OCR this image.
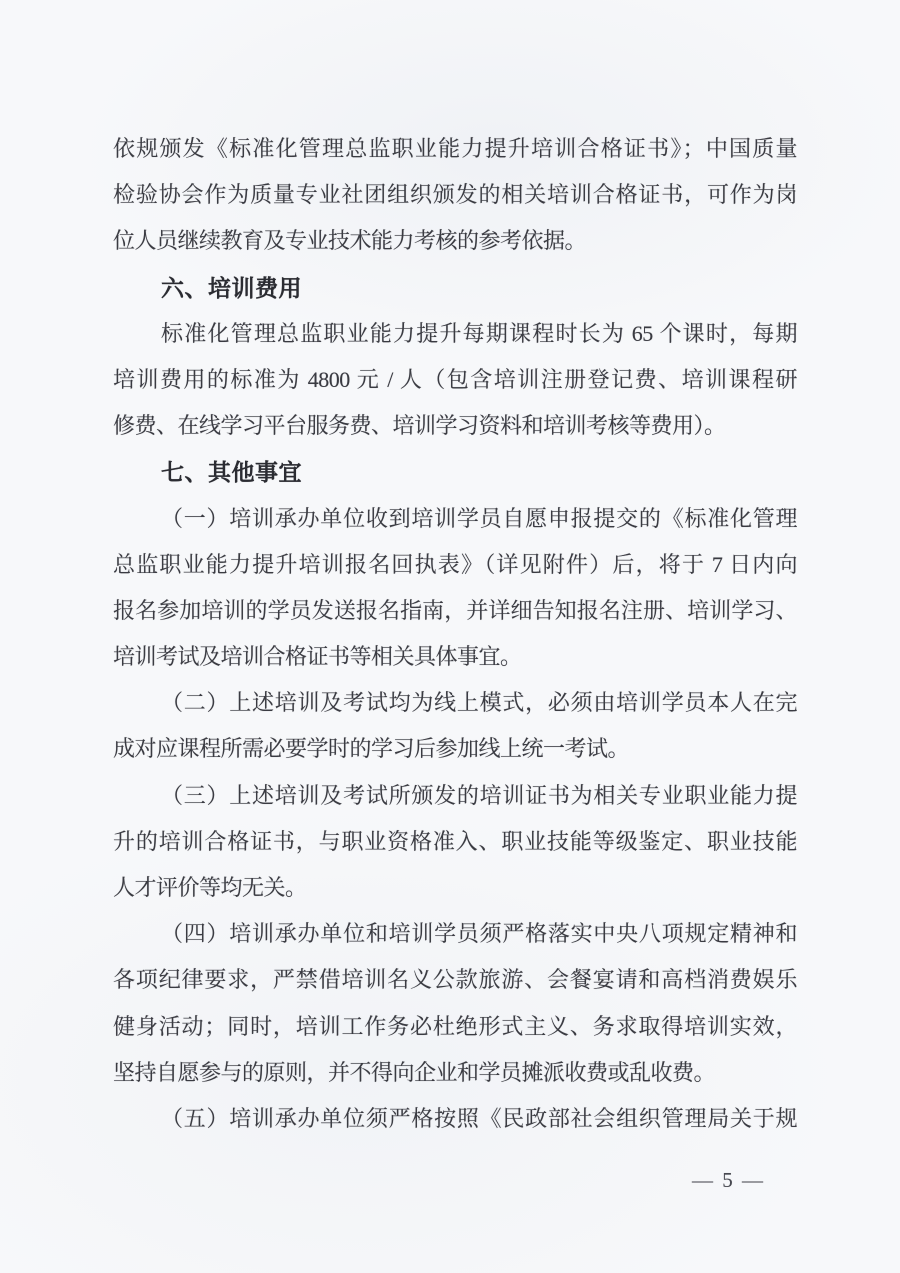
依规颁发《标准化管理总监职业能力提升培训合格证书》；中国质量
检验协会作为质量专业社团组织颁发的相关培训合格证书，可作为岗
位人员继续教育及专业技术能力考核的参考依据。
六、培训费用
标准化管理总监职业能力提升每期课程时长为 65 个课时，每期
培训费用的标准为 4800 元 / 人（包含培训注册登记费、培训课程研
修费、在线学习平台服务费、培训学习资料和培训考核等费用）。
七、其他事宜
（一）培训承办单位收到培训学员自愿申报提交的《标准化管理
总监职业能力提升培训报名回执表》（详见附件）后，将于 7 日内向
报名参加培训的学员发送报名指南，并详细告知报名注册、培训学习、
培训考试及培训合格证书等相关具体事宜。
（二）上述培训及考试均为线上模式，必须由培训学员本人在完
成对应课程所需必要学时的学习后参加线上统一考试。
（三）上述培训及考试所颁发的培训证书为相关专业职业能力提
升的培训合格证书，与职业资格准入、职业技能等级鉴定、职业技能
人才评价等均无关。
（四）培训承办单位和培训学员须严格落实中央八项规定精神和
各项纪律要求，严禁借培训名义公款旅游、会餐宴请和高档消费娱乐
健身活动；同时，培训工作务必杜绝形式主义、务求取得培训实效，
坚持自愿参与的原则，并不得向企业和学员摊派收费或乱收费。
（五）培训承办单位须严格按照《民政部社会组织管理局关于规
— 5 —
